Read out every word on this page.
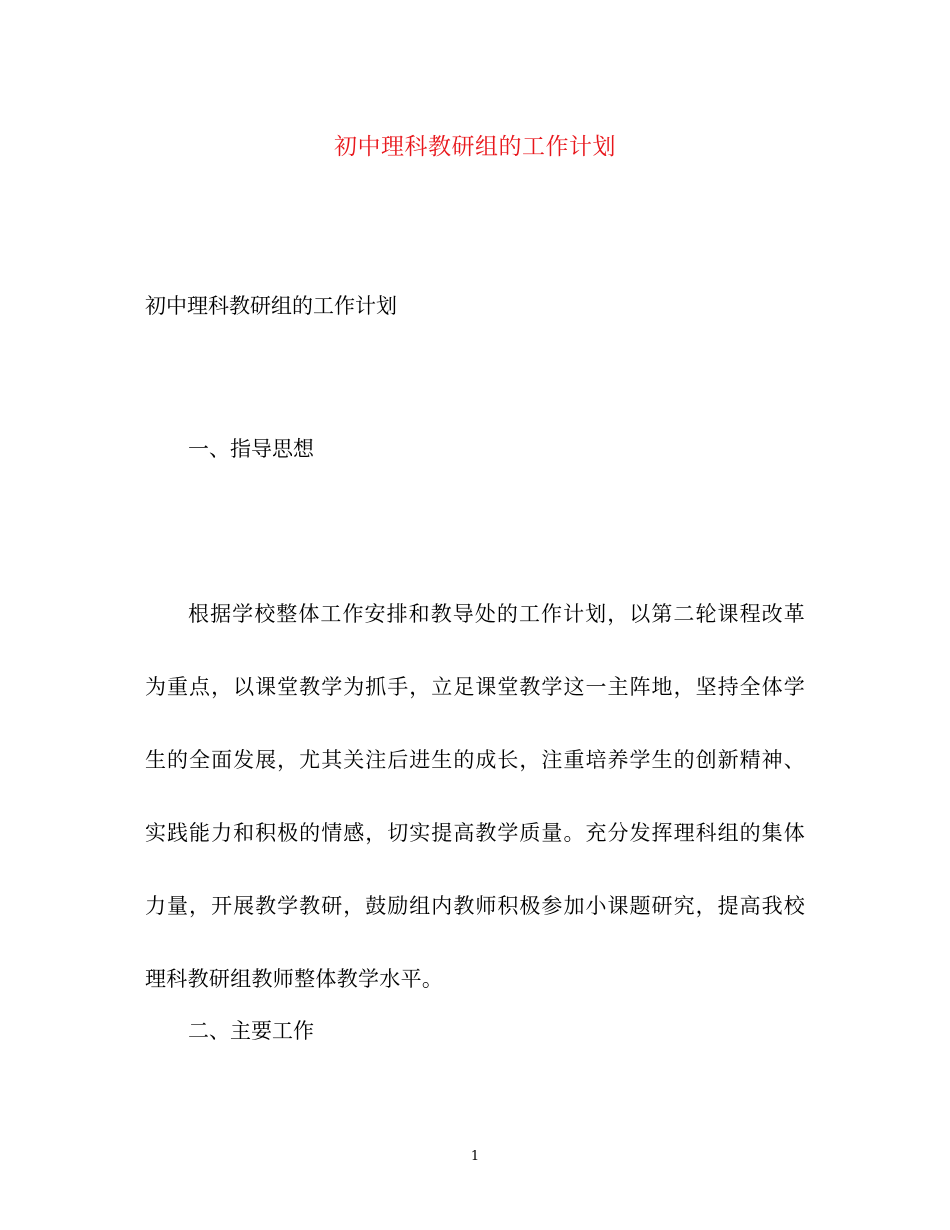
初中理科教研组的工作计划
初中理科教研组的工作计划
一、指导思想
根据学校整体工作安排和教导处的工作计划，以第二轮课程改革为重点，以课堂教学为抓手，立足课堂教学这一主阵地，坚持全体学生的全面发展，尤其关注后进生的成长，注重培养学生的创新精神、实践能力和积极的情感，切实提高教学质量。充分发挥理科组的集体力量，开展教学教研，鼓励组内教师积极参加小课题研究，提高我校理科教研组教师整体教学水平。
二、主要工作
1
